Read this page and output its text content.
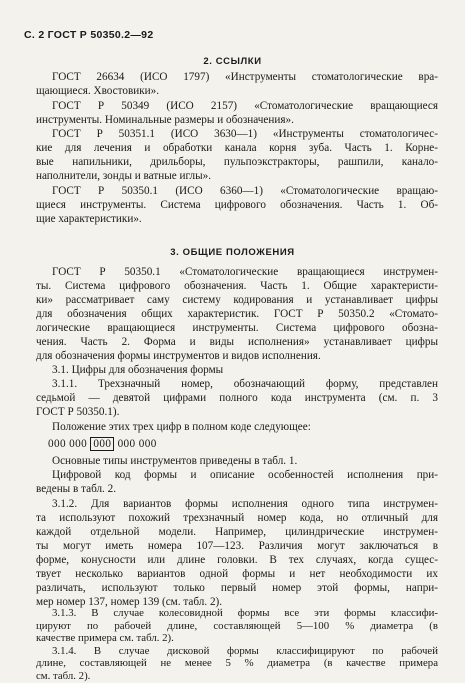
С. 2 ГОСТ Р 50350.2—92
2. ССЫЛКИ
ГОСТ 26634 (ИСО 1797) «Инструменты стоматологические вра-
щающиеся. Хвостовики».
ГОСТ Р 50349 (ИСО 2157) «Стоматологические вращающиеся
инструменты. Номинальные размеры и обозначения».
ГОСТ Р 50351.1 (ИСО 3630—1) «Инструменты стоматологичес-
кие для лечения и обработки канала корня зуба. Часть 1. Корне-
вые напильники, дрильборы, пульпоэкстракторы, рашпили, канало-
наполнители, зонды и ватные иглы».
ГОСТ Р 50350.1 (ИСО 6360—1) «Стоматологические вращаю-
щиеся инструменты. Система цифрового обозначения. Часть 1. Об-
щие характеристики».
3. ОБЩИЕ ПОЛОЖЕНИЯ
ГОСТ Р 50350.1 «Стоматологические вращающиеся инструмен-
ты. Система цифрового обозначения. Часть 1. Общие характеристи-
ки» рассматривает саму систему кодирования и устанавливает цифры
для обозначения общих характеристик. ГОСТ Р 50350.2 «Стомато-
логические вращающиеся инструменты. Система цифрового обозна-
чения. Часть 2. Форма и виды исполнения» устанавливает цифры
для обозначения формы инструментов и видов исполнения.
3.1. Цифры для обозначения формы
3.1.1. Трехзначный номер, обозначающий форму, представлен
седьмой — девятой цифрами полного кода инструмента (см. п. 3
ГОСТ Р 50350.1).
Положение этих трех цифр в полном коде следующее:
000 000 000 000 000
Основные типы инструментов приведены в табл. 1.
Цифровой код формы и описание особенностей исполнения при-
ведены в табл. 2.
3.1.2. Для вариантов формы исполнения одного типа инструмен-
та используют похожий трехзначный номер кода, но отличный для
каждой отдельной модели. Например, цилиндрические инструмен-
ты могут иметь номера 107—123. Различия могут заключаться в
форме, конусности или длине головки. В тех случаях, когда сущес-
твует несколько вариантов одной формы и нет необходимости их
различать, используют только первый номер этой формы, напри-
мер номер 137, номер 139 (см. табл. 2).
3.1.3. В случае колесовидной формы все эти формы классифи-
цируют по рабочей длине, составляющей 5—100 % диаметра (в
качестве примера см. табл. 2).
3.1.4. В случае дисковой формы классифицируют по рабочей
длине, составляющей не менее 5 % диаметра (в качестве примера
см. табл. 2).
